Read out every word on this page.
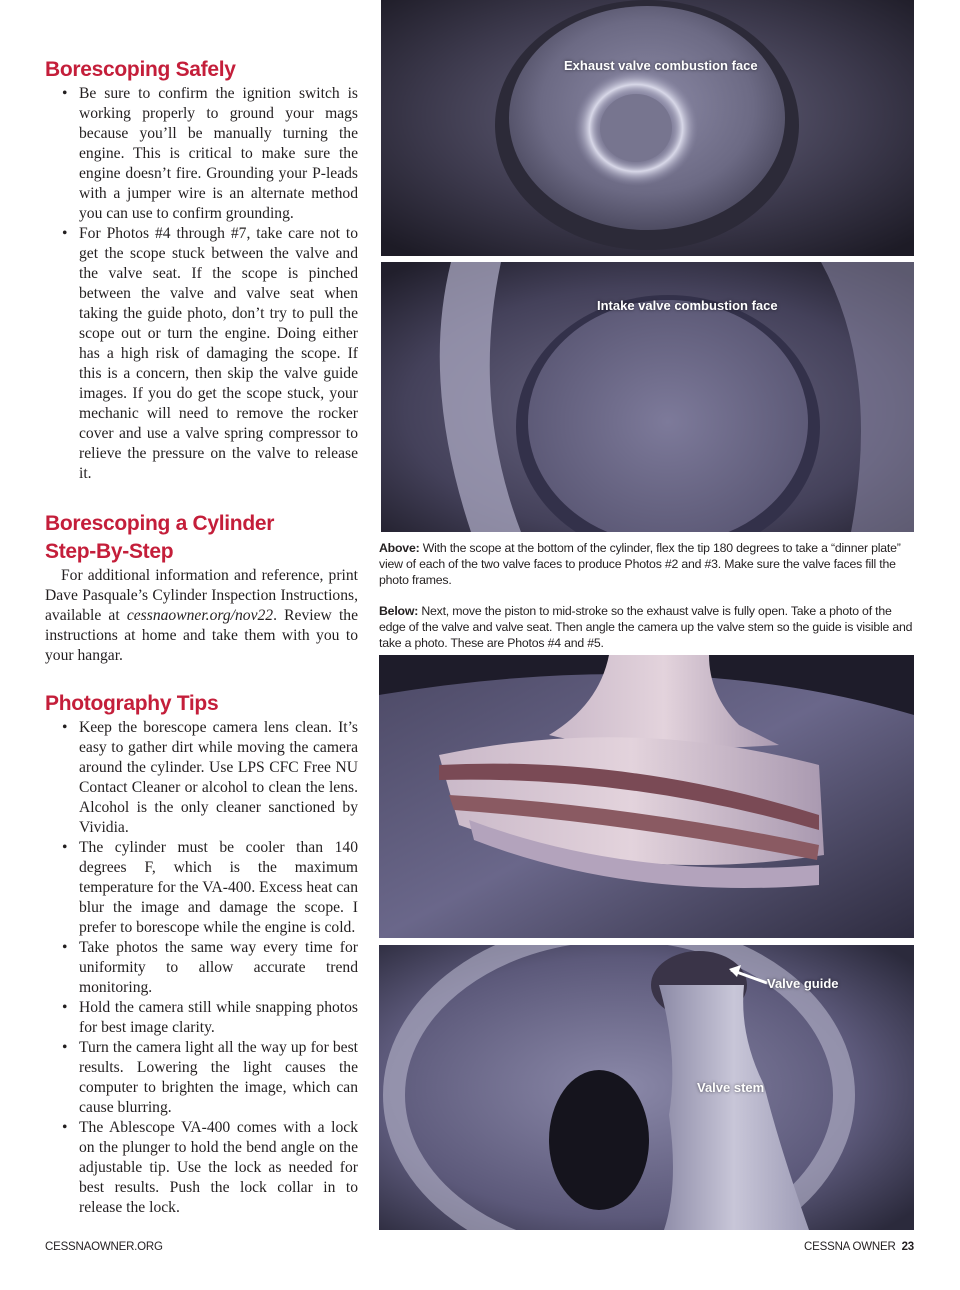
Borescoping Safely
• Be sure to confirm the ignition switch is working properly to ground your mags because you’ll be manually turning the engine. This is critical to make sure the engine doesn’t fire. Grounding your P-leads with a jumper wire is an alternate method you can use to confirm grounding.
• For Photos #4 through #7, take care not to get the scope stuck between the valve and the valve seat. If the scope is pinched between the valve and valve seat when taking the guide photo, don’t try to pull the scope out or turn the engine. Doing either has a high risk of damaging the scope. If this is a concern, then skip the valve guide images. If you do get the scope stuck, your mechanic will need to remove the rocker cover and use a valve spring compressor to relieve the pressure on the valve to release it.
Borescoping a Cylinder Step-By-Step

For additional information and reference, print Dave Pasquale’s Cylinder Inspection Instructions, available at cessnaowner.org/nov22. Review the instructions at home and take them with you to your hangar.

Photography Tips
• Keep the borescope camera lens clean. It’s easy to gather dirt while moving the camera around the cylinder. Use LPS CFC Free NU Contact Cleaner or alcohol to clean the lens. Alcohol is the only cleaner sanctioned by Vividia.
• The cylinder must be cooler than 140 degrees F, which is the maximum temperature for the VA-400. Excess heat can blur the image and damage the scope. I prefer to borescope while the engine is cold.
• Take photos the same way every time for uniformity to allow accurate trend monitoring.
• Hold the camera still while snapping photos for best image clarity.
• Turn the camera light all the way up for best results. Lowering the light causes the computer to brighten the image, which can cause blurring.
• The Ablescope VA-400 comes with a lock on the plunger to hold the bend angle on the adjustable tip. Use the lock as needed for best results. Push the lock collar in to release the lock.
Exhaust valve combustion face
Intake valve combustion face

Above: With the scope at the bottom of the cylinder, flex the tip 180 degrees to take a “dinner plate” view of each of the two valve faces to produce Photos #2 and #3. Make sure the valve faces fill the photo frames.

Below: Next, move the piston to mid-stroke so the exhaust valve is fully open. Take a photo of the edge of the valve and valve seat. Then angle the camera up the valve stem so the guide is visible and take a photo. These are Photos #4 and #5.

Valve guide
Valve stem
CESSNAOWNER.ORG	CESSNA OWNER 23
